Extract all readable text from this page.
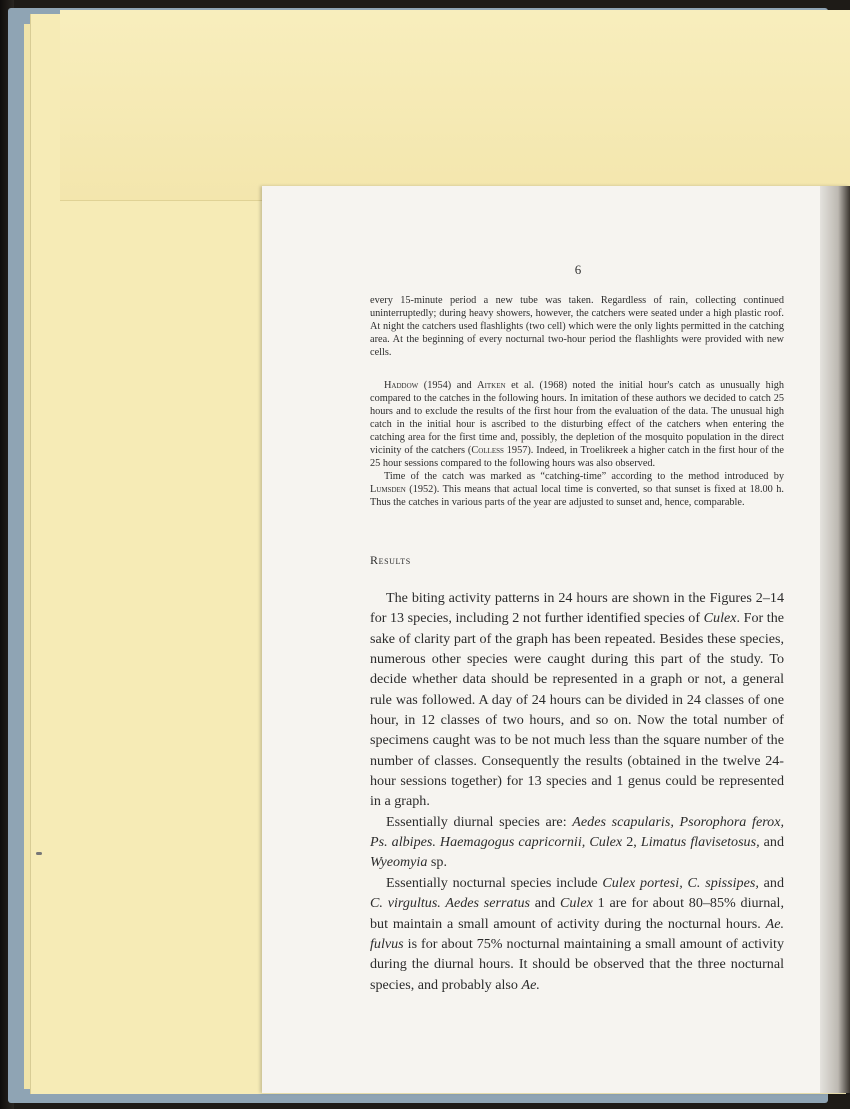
6

every 15-minute period a new tube was taken. Regardless of rain, collecting continued uninterruptedly; during heavy showers, however, the catchers were seated under a high plastic roof. At night the catchers used flashlights (two cell) which were the only lights permitted in the catching area. At the beginning of every nocturnal two-hour period the flashlights were provided with new cells.

Haddow (1954) and Aitken et al. (1968) noted the initial hour's catch as unusually high compared to the catches in the following hours. In imitation of these authors we decided to catch 25 hours and to exclude the results of the first hour from the evaluation of the data. The unusual high catch in the initial hour is ascribed to the disturbing effect of the catchers when entering the catching area for the first time and, possibly, the depletion of the mosquito population in the direct vicinity of the catchers (Colless 1957). Indeed, in Troelikreek a higher catch in the first hour of the 25 hour sessions compared to the following hours was also observed.

Time of the catch was marked as “catching-time” according to the method introduced by Lumsden (1952). This means that actual local time is converted, so that sunset is fixed at 18.00 h. Thus the catches in various parts of the year are adjusted to sunset and, hence, comparable.

Results

The biting activity patterns in 24 hours are shown in the Figures 2–14 for 13 species, including 2 not further identified species of Culex. For the sake of clarity part of the graph has been repeated. Besides these species, numerous other species were caught during this part of the study. To decide whether data should be represented in a graph or not, a general rule was followed. A day of 24 hours can be divided in 24 classes of one hour, in 12 classes of two hours, and so on. Now the total number of specimens caught was to be not much less than the square number of the number of classes. Consequently the results (obtained in the twelve 24-hour sessions together) for 13 species and 1 genus could be represented in a graph.

Essentially diurnal species are: Aedes scapularis, Psorophora ferox, Ps. albipes. Haemagogus capricornii, Culex 2, Limatus flavisetosus, and Wyeomyia sp.

Essentially nocturnal species include Culex portesi, C. spissipes, and C. virgultus. Aedes serratus and Culex 1 are for about 80–85% diurnal, but maintain a small amount of activity during the nocturnal hours. Ae. fulvus is for about 75% nocturnal maintaining a small amount of activity during the diurnal hours. It should be observed that the three nocturnal species, and probably also Ae.
